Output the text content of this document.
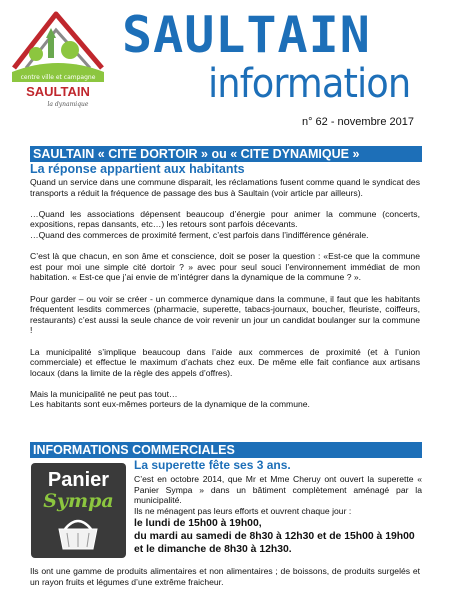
centre ville et campagne
SAULTAIN
la dynamique
SAULTAIN
information
n° 62 - novembre 2017
SAULTAIN « CITE DORTOIR » ou « CITE DYNAMIQUE »
La réponse appartient aux habitants

Quand un service dans une commune disparait, les réclamations fusent comme quand le syndicat des transports a réduit la fréquence de passage des bus à Saultain (voir article par ailleurs).

…Quand les associations dépensent beaucoup d’énergie pour animer la commune (concerts, expositions, repas dansants, etc…) les retours sont parfois décevants.

…Quand des commerces de proximité ferment, c’est parfois dans l’indifférence générale.

C’est là que chacun, en son âme et conscience, doit se poser la question : «Est-ce que la commune est pour moi une simple cité dortoir ? » avec pour seul souci l’environnement immédiat de mon habitation. « Est-ce que j’ai envie de m’intégrer dans la dynamique de la commune ? ».

Pour garder – ou voir se créer - un commerce dynamique dans la commune, il faut que les habitants fréquentent lesdits commerces (pharmacie, superette, tabacs-journaux, boucher, fleuriste, coiffeurs, restaurants) c’est aussi la seule chance de voir revenir un jour un candidat boulanger sur la commune !

La municipalité s’implique beaucoup dans l’aide aux commerces de proximité (et à l’union commerciale) et effectue le maximum d’achats chez eux. De même elle fait confiance aux artisans locaux (dans la limite de la règle des appels d’offres).

Mais la municipalité ne peut pas tout…

Les habitants sont eux-mêmes porteurs de la dynamique de la commune.

INFORMATIONS COMMERCIALES
Panier
Sympa
La superette fête ses 3 ans.
C’est en octobre 2014, que Mr et Mme Cheruy ont ouvert la superette « Panier Sympa » dans un bâtiment complètement aménagé par la municipalité.
Ils ne ménagent pas leurs efforts et ouvrent chaque jour :
le lundi de 15h00 à 19h00,
du mardi au samedi de 8h30 à 12h30 et de 15h00 à 19h00 et le dimanche de 8h30 à 12h30.
Ils ont une gamme de produits alimentaires et non alimentaires ; de boissons, de produits surgelés et un rayon fruits et légumes d’une extrême fraicheur.
